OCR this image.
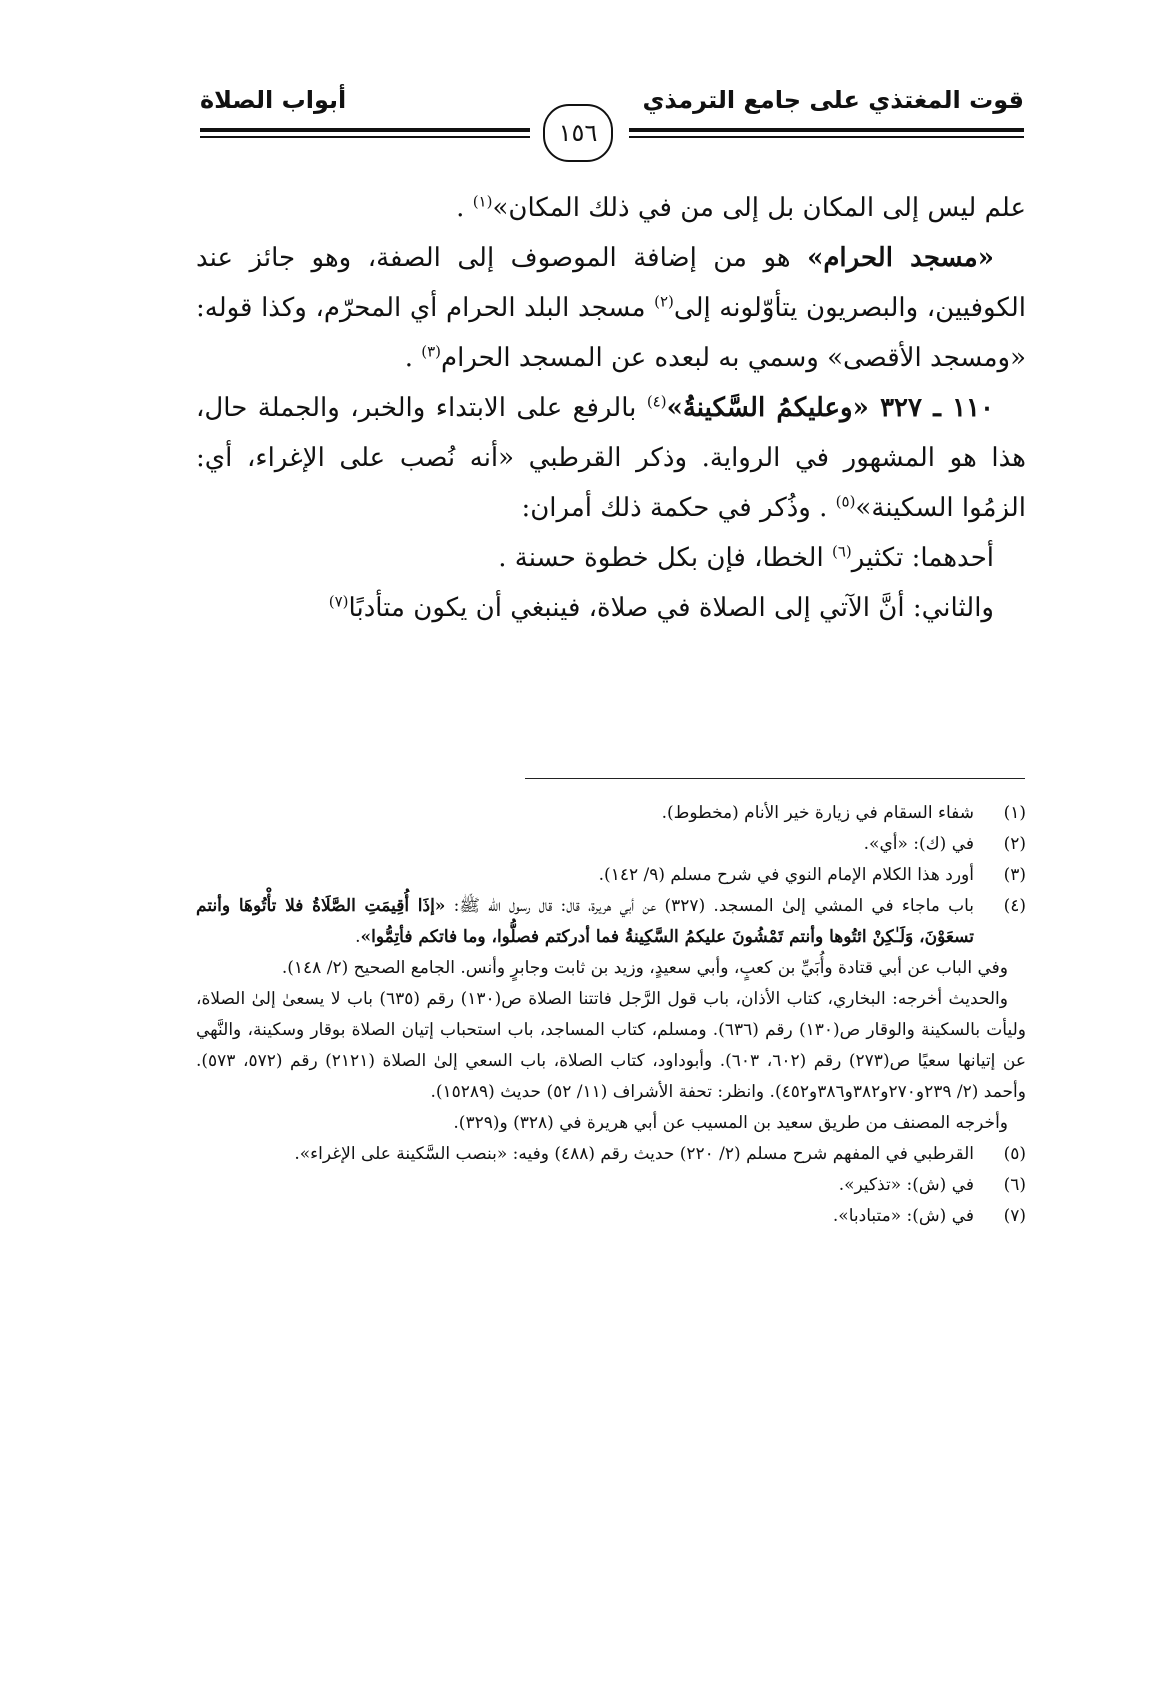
قوت المغتذي على جامع الترمذي
أبواب الصلاة
١٥٦

علم ليس إلى المكان بل إلى من في ذلك المكان»$^{(١)}$ .

«مسجد الحرام» هو من إضافة الموصوف إلى الصفة، وهو جائز عند الكوفيين، والبصريون يتأوّلونه إلى$^{(٢)}$ مسجد البلد الحرام أي المحرّم، وكذا قوله: «ومسجد الأقصى» وسمي به لبعده عن المسجد الحرام$^{(٣)}$ .

١١٠ ـ ٣٢٧ «وعليكمُ السَّكينةُ»$^{(٤)}$ بالرفع على الابتداء والخبر، والجملة حال، هذا هو المشهور في الرواية. وذكر القرطبي «أنه نُصب على الإغراء، أي: الزمُوا السكينة»$^{(٥)}$ . وذُكر في حكمة ذلك أمران:

أحدهما: تكثير$^{(٦)}$ الخطا، فإن بكل خطوة حسنة .

والثاني: أنَّ الآتي إلى الصلاة في صلاة، فينبغي أن يكون متأدبًا$^{(٧)}$

(١)
شفاء السقام في زيارة خير الأنام (مخطوط).
(٢)
في (ك): «أي».
(٣)
أورد هذا الكلام الإمام النوي في شرح مسلم (٩/ ١٤٢).
(٤)

باب ماجاء في المشي إلىٰ المسجد. (٣٢٧) عن أبي هريرة، قال: قال رسول الله ﷺ: «إذَا أُقِيمَتِ الصَّلَاةُ فلا تأْتُوهَا وأنتم تسعَوْنَ، وَلَـٰكِنْ ائتُوها وأنتم تَمْشُونَ عليكمُ السَّكِينةُ فما أدركتم فصلُّوا، وما فاتكم فأتِمُّوا».

وفي الباب عن أبي قتادة وأُبَيِّ بن كعبٍ، وأبي سعيدٍ، وزيد بن ثابت وجابرٍ وأنس. الجامع الصحيح (٢/ ١٤٨).

والحديث أخرجه: البخاري، كتاب الأذان، باب قول الرَّجل فاتتنا الصلاة ص(١٣٠) رقم (٦٣٥) باب لا يسعىٰ إلىٰ الصلاة، وليأت بالسكينة والوقار ص(١٣٠) رقم (٦٣٦). ومسلم، كتاب المساجد، باب استحباب إتيان الصلاة بوقار وسكينة، والنَّهي عن إتيانها سعيًا ص(٢٧٣) رقم (٦٠٢، ٦٠٣). وأبوداود، كتاب الصلاة، باب السعي إلىٰ الصلاة (٢١٢١) رقم (٥٧٢، ٥٧٣). وأحمد (٢/ ٢٣٩و٢٧٠و٣٨٢و٣٨٦و٤٥٢). وانظر: تحفة الأشراف (١١/ ٥٢) حديث (١٥٢٨٩).

وأخرجه المصنف من طريق سعيد بن المسيب عن أبي هريرة في (٣٢٨) و(٣٢٩).

(٥)
القرطبي في المفهم شرح مسلم (٢/ ٢٢٠) حديث رقم (٤٨٨) وفيه: «بنصب السَّكينة على الإغراء».
(٦)
في (ش): «تذكير».
(٧)
في (ش): «متبادبا».
